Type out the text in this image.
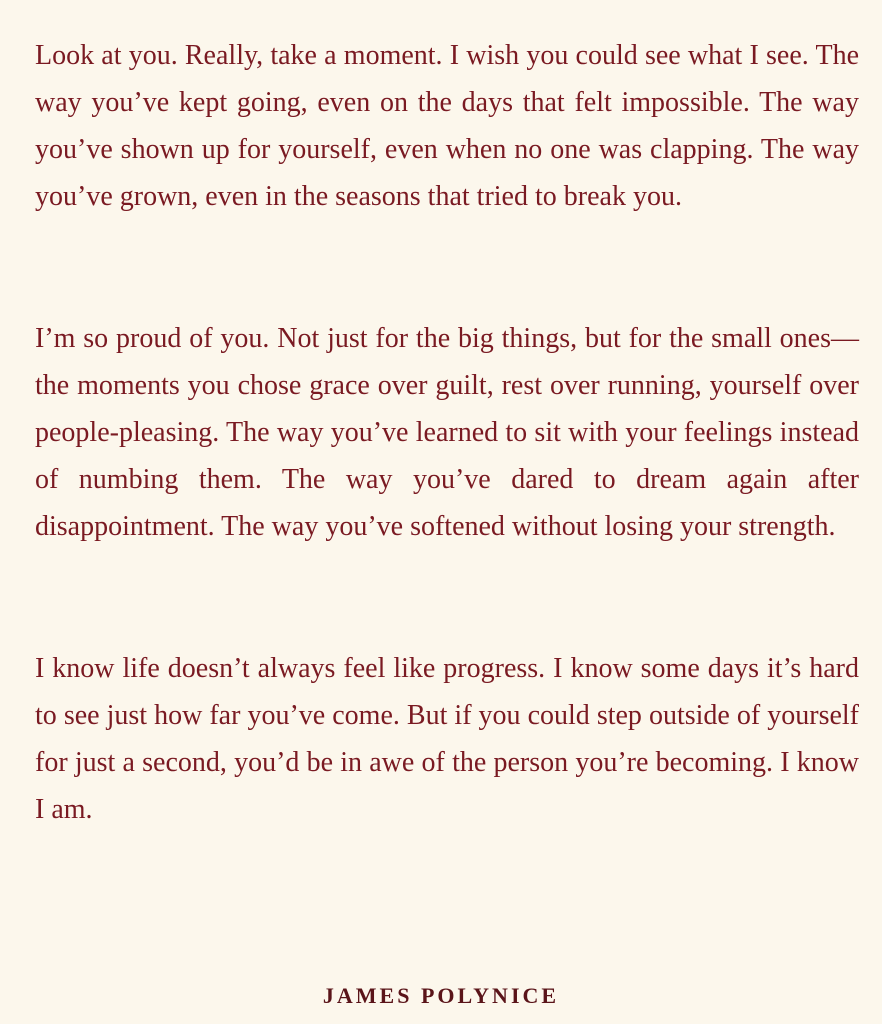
Look at you. Really, take a moment. I wish you could see what I see. The way you’ve kept going, even on the days that felt impossible. The way you’ve shown up for yourself, even when no one was clapping. The way you’ve grown, even in the seasons that tried to break you.

I’m so proud of you. Not just for the big things, but for the small ones—the moments you chose grace over guilt, rest over running, yourself over people-pleasing. The way you’ve learned to sit with your feelings instead of numbing them. The way you’ve dared to dream again after disappointment. The way you’ve softened without losing your strength.

I know life doesn’t always feel like progress. I know some days it’s hard to see just how far you’ve come. But if you could step outside of yourself for just a second, you’d be in awe of the person you’re becoming. I know I am.

JAMES POLYNICE
